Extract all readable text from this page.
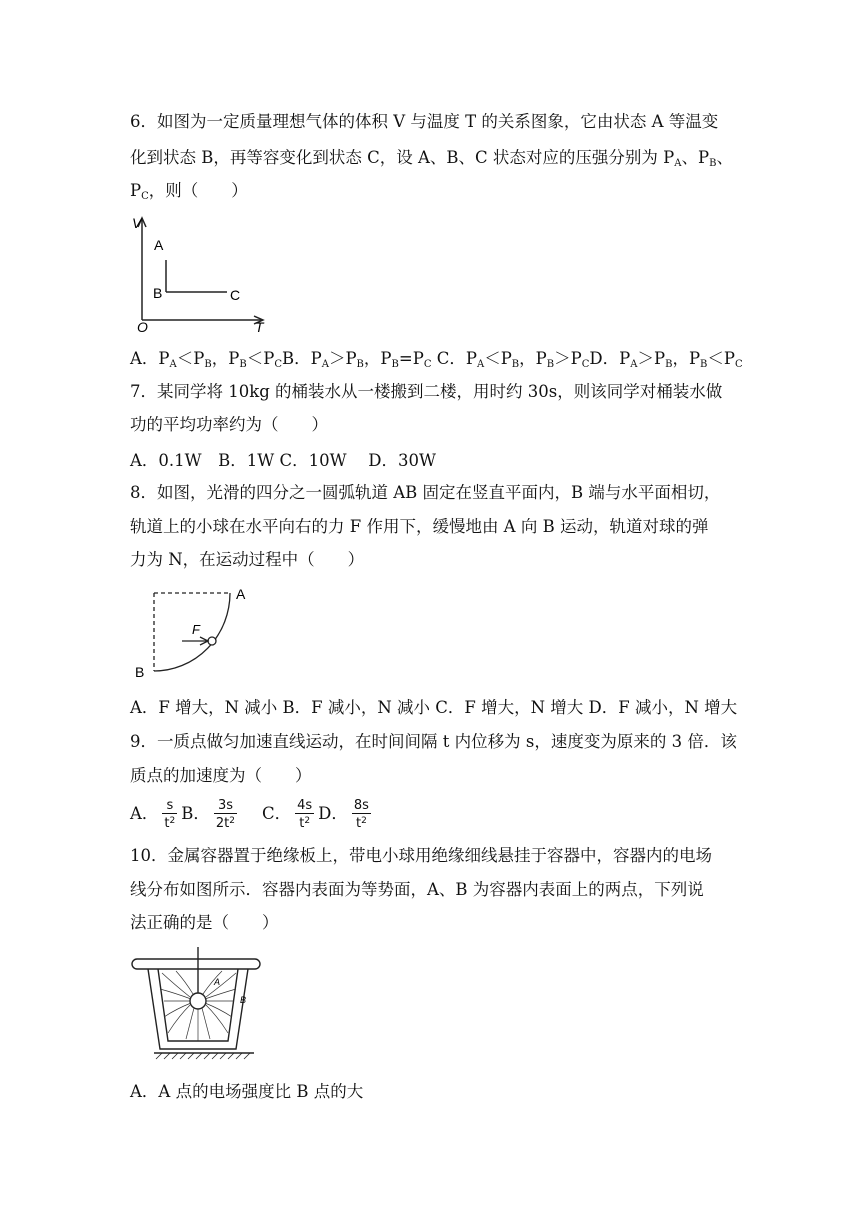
6．如图为一定质量理想气体的体积 V 与温度 T 的关系图象，它由状态 A 等温变
化到状态 B，再等容变化到状态 C，设 A、B、C 状态对应的压强分别为 $P_A$、$P_B$、
$P_C$，则（　　）
V
T
O
A
B	C
A．$P_A<P_B$，$P_B<P_CB$．$P_A>P_B$，$P_B=P_C$ C．$P_A<P_B$，$P_B>P_CD$．$P_A>P_B$，$P_B<P_C$
7．某同学将 10kg 的桶装水从一楼搬到二楼，用时约 30s，则该同学对桶装水做
功的平均功率约为（　　）
A．0.1W　B．1W C．10W　 D．30W
8．如图，光滑的四分之一圆弧轨道 AB 固定在竖直平面内，B 端与水平面相切，
轨道上的小球在水平向右的力 F 作用下，缓慢地由 A 向 B 运动，轨道对球的弹
力为 N，在运动过程中（　　）
A
B
F
A．F 增大，N 减小 B．F 减小，N 减小 C．F 增大，N 增大 D．F 减小，N 增大
9．一质点做匀加速直线运动，在时间间隔 t 内位移为 s，速度变为原来的 3 倍．该
质点的加速度为（　　）
A． $\frac{s}{t^2}$ B． $\frac{3s}{2t^2}$ C． $\frac{4s}{t^2}$ D． $\frac{8s}{t^2}$
10．金属容器置于绝缘板上，带电小球用绝缘细线悬挂于容器中，容器内的电场
线分布如图所示．容器内表面为等势面，A、B 为容器内表面上的两点，下列说
法正确的是（　　）
A
B
A．A 点的电场强度比 B 点的大
